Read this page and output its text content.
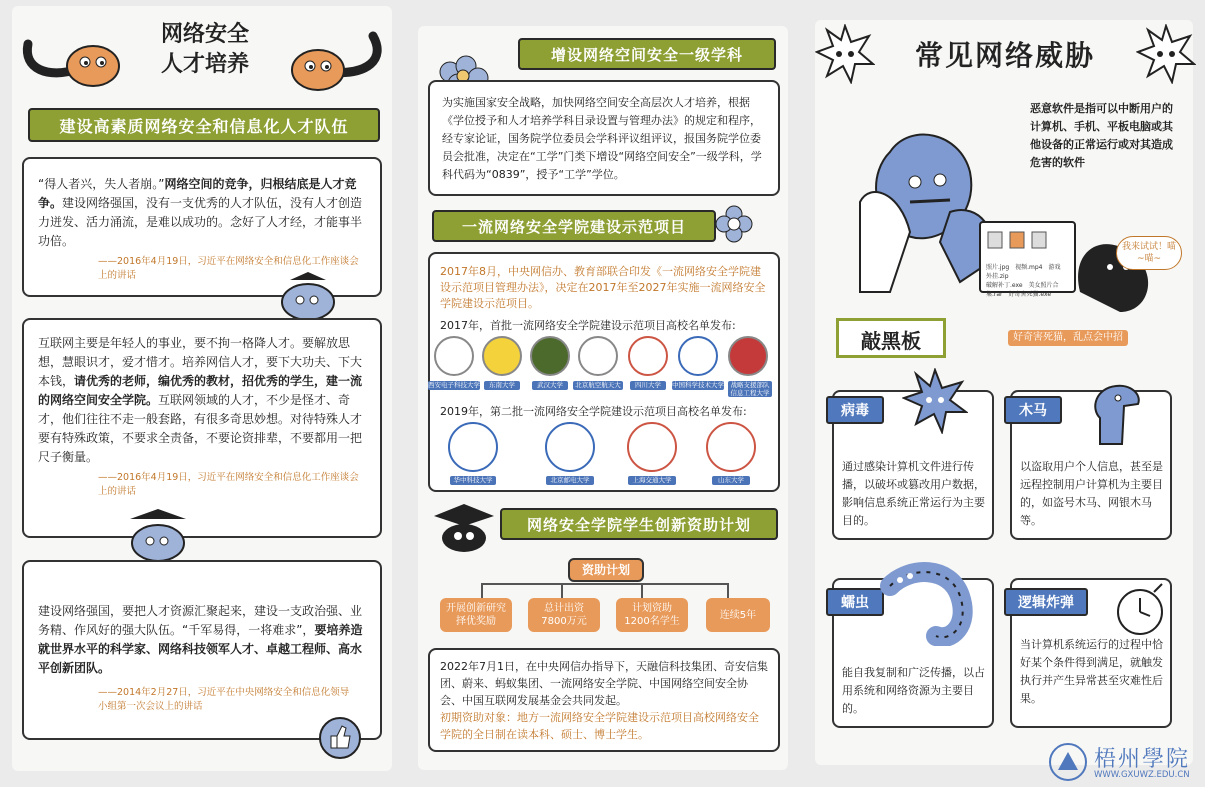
网络安全
人才培养
建设高素质网络安全和信息化人才队伍
“得人者兴，失人者崩。”网络空间的竞争，归根结底是人才竞争。建设网络强国，没有一支优秀的人才队伍，没有人才创造力迸发、活力涌流，是难以成功的。念好了人才经，才能事半功倍。
——2016年4月19日，习近平在网络安全和信息化工作座谈会上的讲话
互联网主要是年轻人的事业，要不拘一格降人才。要解放思想，慧眼识才，爱才惜才。培养网信人才，要下大功夫、下大本钱，请优秀的老师，编优秀的教材，招优秀的学生，建一流的网络空间安全学院。互联网领域的人才，不少是怪才、奇才，他们往往不走一般套路，有很多奇思妙想。对待特殊人才要有特殊政策，不要求全责备，不要论资排辈，不要都用一把尺子衡量。
——2016年4月19日，习近平在网络安全和信息化工作座谈会上的讲话
建设网络强国，要把人才资源汇聚起来，建设一支政治强、业务精、作风好的强大队伍。“千军易得，一将难求”，要培养造就世界水平的科学家、网络科技领军人才、卓越工程师、高水平创新团队。
——2014年2月27日，习近平在中央网络安全和信息化领导小组第一次会议上的讲话
增设网络空间安全一级学科
为实施国家安全战略，加快网络空间安全高层次人才培养，根据《学位授予和人才培养学科目录设置与管理办法》的规定和程序，经专家论证，国务院学位委员会学科评议组评议，报国务院学位委员会批准，决定在“工学”门类下增设“网络空间安全”一级学科，学科代码为“0839”，授予“工学”学位。
一流网络安全学院建设示范项目
2017年8月，中央网信办、教育部联合印发《一流网络安全学院建设示范项目管理办法》，决定在2017年至2027年实施一流网络安全学院建设示范项目。
2017年，首批一流网络安全学院建设示范项目高校名单发布:
2019年，第二批一流网络安全学院建设示范项目高校名单发布:
西安电子科技大学	东南大学	武汉大学	北京航空航天大学
四川大学	中国科学技术大学	战略支援部队信息工程大学
华中科技大学	北京邮电大学	上海交通大学	山东大学
网络安全学院学生创新资助计划
资助计划
开展创新研究
择优奖励
总计出资
7800万元
计划资助
1200名学生
连续5年
2022年7月1日，在中央网信办指导下，天融信科技集团、奇安信集团、蔚来、蚂蚁集团、一流网络安全学院、中国网络空间安全协会、中国互联网发展基金会共同发起。
初期资助对象：地方一流网络安全学院建设示范项目高校网络安全学院的全日制在读本科、硕士、博士学生。
常见网络威胁
恶意软件是指可以中断用户的计算机、手机、平板电脑或其他设备的正常运行或对其造成危害的软件
我来试试！喵~喵~
照片.jpg 视频.mp4 游戏外挂.zip
破解补丁.exe 美女照片合集.rar 好奇害死猫.exe
好奇害死猫，乱点会中招
敲黑板
病毒
通过感染计算机文件进行传播，以破坏或篡改用户数据，影响信息系统正常运行为主要目的。
木马
以盗取用户个人信息，甚至是远程控制用户计算机为主要目的，如盗号木马、网银木马等。
蠕虫
能自我复制和广泛传播，以占用系统和网络资源为主要目的。
逻辑炸弹
当计算机系统运行的过程中恰好某个条件得到满足，就触发执行并产生异常甚至灾难性后果。
梧州學院
WWW.GXUWZ.EDU.CN
